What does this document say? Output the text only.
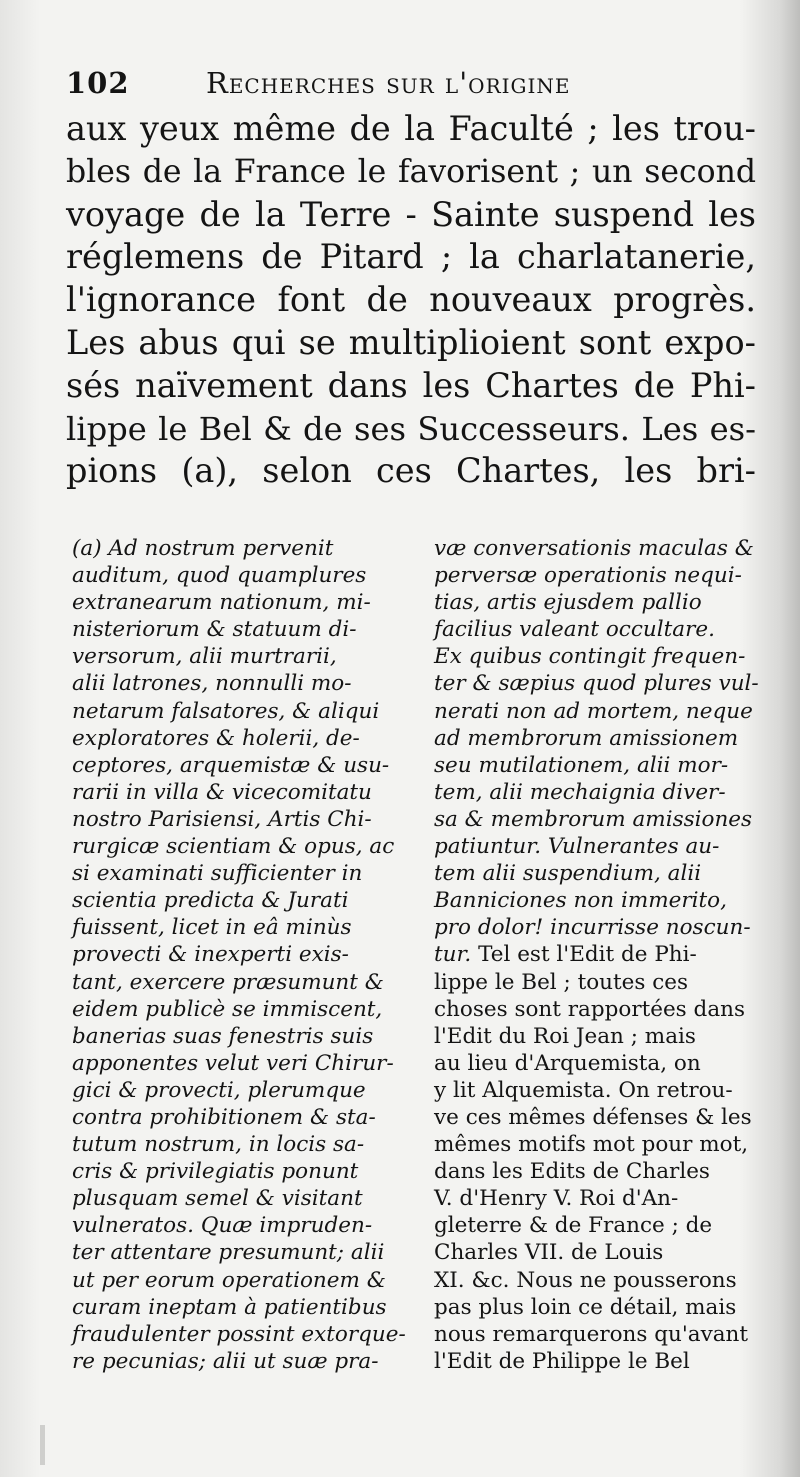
102	Recherches sur l'origine
aux yeux même de la Faculté ; les trou-
bles de la France le favorisent ; un second
voyage de la Terre - Sainte suspend les
réglemens de Pitard ; la charlatanerie,
l'ignorance font de nouveaux progrès.
Les abus qui se multiplioient sont expo-
sés naïvement dans les Chartes de Phi-
lippe le Bel & de ses Successeurs. Les es-
pions (a), selon ces Chartes, les bri-
(a) Ad nostrum pervenit
auditum, quod quamplures
extranearum nationum, mi-
nisteriorum & statuum di-
versorum, alii murtrarii,
alii latrones, nonnulli mo-
netarum falsatores, & aliqui
exploratores & holerii, de-
ceptores, arquemistæ & usu-
rarii in villa & vicecomitatu
nostro Parisiensi, Artis Chi-
rurgicæ scientiam & opus, ac
si examinati sufficienter in
scientia predicta & Jurati
fuissent, licet in eâ minùs
provecti & inexperti exis-
tant, exercere præsumunt &
eidem publicè se immiscent,
banerias suas fenestris suis
apponentes velut veri Chirur-
gici & provecti, plerumque
contra prohibitionem & sta-
tutum nostrum, in locis sa-
cris & privilegiatis ponunt
plusquam semel & visitant
vulneratos. Quæ impruden-
ter attentare presumunt; alii
ut per eorum operationem &
curam ineptam à patientibus
fraudulenter possint extorque-
re pecunias; alii ut suæ pra-
væ conversationis maculas &
perversæ operationis nequi-
tias, artis ejusdem pallio
facilius valeant occultare.
Ex quibus contingit frequen-
ter & sæpius quod plures vul-
nerati non ad mortem, neque
ad membrorum amissionem
seu mutilationem, alii mor-
tem, alii mechaignia diver-
sa & membrorum amissiones
patiuntur. Vulnerantes au-
tem alii suspendium, alii
Banniciones non immerito,
pro dolor! incurrisse noscun-
tur. Tel est l'Edit de Phi-
lippe le Bel ; toutes ces
choses sont rapportées dans
l'Edit du Roi Jean ; mais
au lieu d'Arquemista, on
y lit Alquemista. On retrou-
ve ces mêmes défenses & les
mêmes motifs mot pour mot,
dans les Edits de Charles
V. d'Henry V. Roi d'An-
gleterre & de France ; de
Charles VII. de Louis
XI. &c. Nous ne pousserons
pas plus loin ce détail, mais
nous remarquerons qu'avant
l'Edit de Philippe le Bel
